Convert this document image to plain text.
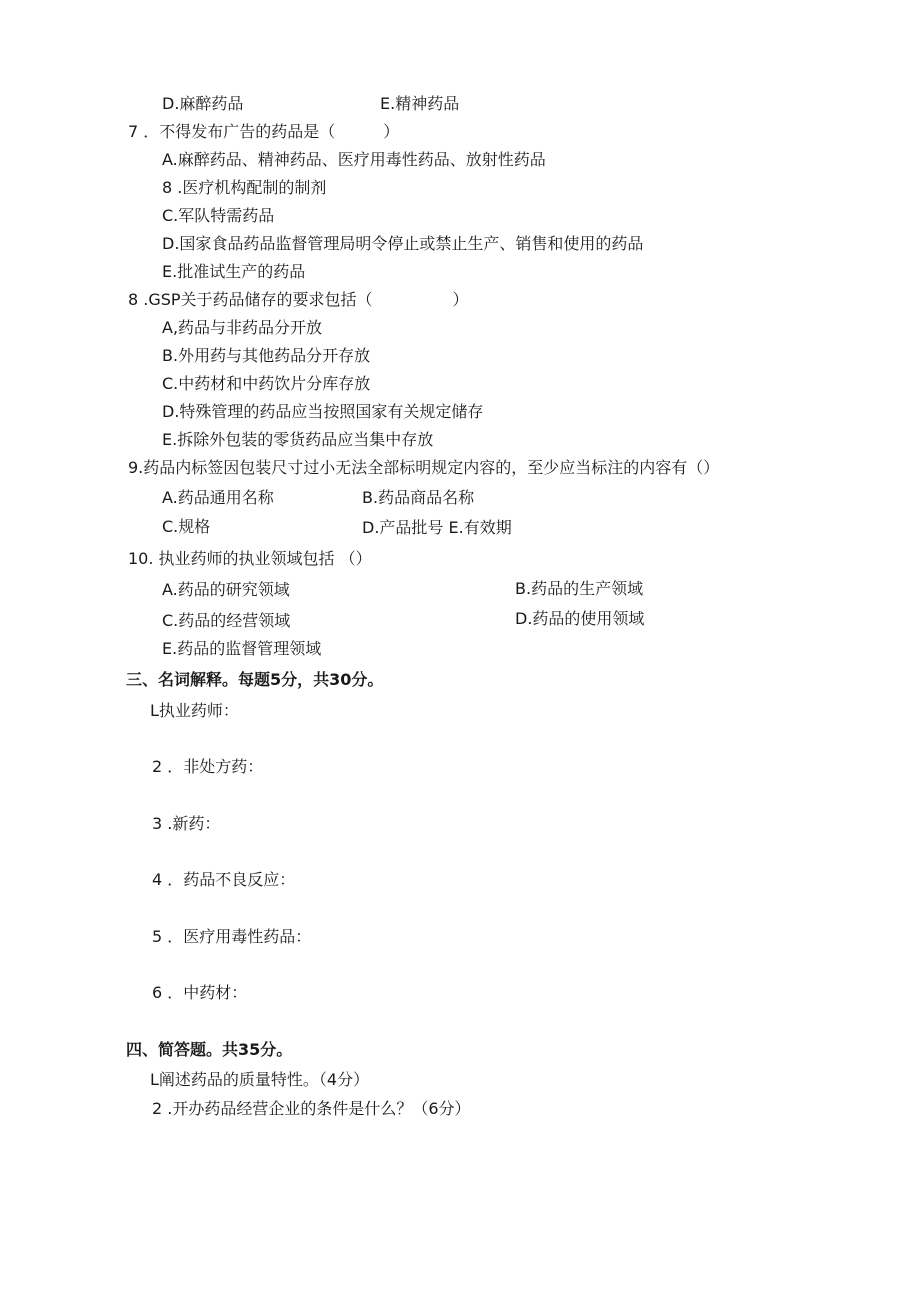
D.麻醉药品	E.精神药品
7 ．不得发布广告的药品是（　　　）
A.麻醉药品、精神药品、医疗用毒性药品、放射性药品
8 .医疗机构配制的制剂
C.军队特需药品
D.国家食品药品监督管理局明令停止或禁止生产、销售和使用的药品
E.批准试生产的药品
8 .GSP关于药品储存的要求包括（　　　　　）
A,药品与非药品分开放
B.外用药与其他药品分开存放
C.中药材和中药饮片分库存放
D.特殊管理的药品应当按照国家有关规定储存
E.拆除外包装的零货药品应当集中存放
9.药品内标签因包装尺寸过小无法全部标明规定内容的，至少应当标注的内容有（）
A.药品通用名称	B.药品商品名称
C.规格	D.产品批号 E.有效期
10. 执业药师的执业领域包括 （）
A.药品的研究领域	B.药品的生产领域
C.药品的经营领域	D.药品的使用领域
E.药品的监督管理领域
三、名词解释。每题5分，共30分。
L执业药师：
2 ．非处方药：
3 .新药：
4 ．药品不良反应：
5 ．医疗用毒性药品：
6 ．中药材：
四、简答题。共35分。
L阐述药品的质量特性。（4分）
2 .开办药品经营企业的条件是什么？（6分）
